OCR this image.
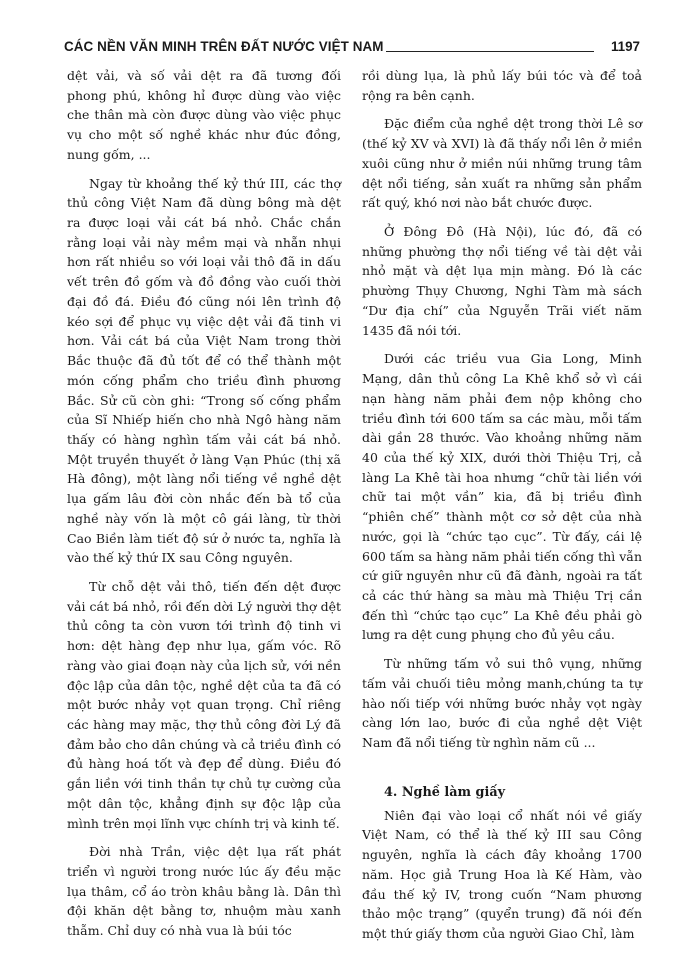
CÁC NỀN VĂN MINH TRÊN ĐẤT NƯỚC VIỆT NAM	1197

dệt vải, và số vải dệt ra đã tương đối phong phú, không hỉ được dùng vào việc che thân mà còn được dùng vào việc phục vụ cho một số nghề khác như đúc đồng, nung gốm, ...

Ngay từ khoảng thế kỷ thứ III, các thợ thủ công Việt Nam đã dùng bông mà dệt ra được loại vải cát bá nhỏ. Chắc chắn rằng loại vải này mềm mại và nhẵn nhụi hơn rất nhiều so với loại vải thô đã in dấu vết trên đồ gốm và đồ đồng vào cuối thời đại đồ đá. Điều đó cũng nói lên trình độ kéo sợi để phục vụ việc dệt vải đã tinh vi hơn. Vải cát bá của Việt Nam trong thời Bắc thuộc đã đủ tốt để có thể thành một món cống phẩm cho triều đình phương Bắc. Sử cũ còn ghi: “Trong số cống phẩm của Sĩ Nhiếp hiến cho nhà Ngô hàng năm thấy có hàng nghìn tấm vải cát bá nhỏ. Một truyền thuyết ở làng Vạn Phúc (thị xã Hà đông), một làng nổi tiếng về nghề dệt lụa gấm lâu đời còn nhắc đến bà tổ của nghề này vốn là một cô gái làng, từ thời Cao Biền làm tiết độ sứ ở nước ta, nghĩa là vào thế kỷ thứ IX sau Công nguyên.

Từ chỗ dệt vải thô, tiến đến dệt được vải cát bá nhỏ, rồi đến dời Lý người thợ dệt thủ công ta còn vươn tới trình độ tinh vi hơn: dệt hàng đẹp như lụa, gấm vóc. Rõ ràng vào giai đoạn này của lịch sử, với nền độc lập của dân tộc, nghề dệt của ta đã có một bước nhảy vọt quan trọng. Chỉ riêng các hàng may mặc, thợ thủ công đời Lý đã đảm bảo cho dân chúng và cả triều đình có đủ hàng hoá tốt và đẹp để dùng. Điều đó gắn liền với tinh thần tự chủ tự cường của một dân tộc, khẳng định sự độc lập của mình trên mọi lĩnh vực chính trị và kinh tế.

Đời nhà Trần, việc dệt lụa rất phát triển vì người trong nước lúc ấy đều mặc lụa thâm, cổ áo tròn khâu bằng là. Dân thì đội khăn dệt bằng tơ, nhuộm màu xanh thẫm. Chỉ duy có nhà vua là búi tóc

rồi dùng lụa, là phủ lấy búi tóc và để toả rộng ra bên cạnh.

Đặc điểm của nghề dệt trong thời Lê sơ (thế kỷ XV và XVI) là đã thấy nổi lên ở miền xuôi cũng như ở miền núi những trung tâm dệt nổi tiếng, sản xuất ra những sản phẩm rất quý, khó nơi nào bắt chước được.

Ở Đông Đô (Hà Nội), lúc đó, đã có những phường thợ nổi tiếng về tài dệt vải nhỏ mặt và dệt lụa mịn màng. Đó là các phường Thụy Chương, Nghi Tàm mà sách “Dư địa chí” của Nguyễn Trãi viết năm 1435 đã nói tới.

Dưới các triều vua Gia Long, Minh Mạng, dân thủ công La Khê khổ sở vì cái nạn hàng năm phải đem nộp không cho triều đình tới 600 tấm sa các màu, mỗi tấm dài gần 28 thước. Vào khoảng những năm 40 của thế kỷ XIX, dưới thời Thiệu Trị, cả làng La Khê tài hoa nhưng “chữ tài liền với chữ tai một vần” kia, đã bị triều đình “phiên chế” thành một cơ sở dệt của nhà nước, gọi là “chức tạo cục”. Từ đấy, cái lệ 600 tấm sa hàng năm phải tiến cống thì vẫn cứ giữ nguyên như cũ đã đành, ngoài ra tất cả các thứ hàng sa màu mà Thiệu Trị cần đến thì “chức tạo cục” La Khê đều phải gò lưng ra dệt cung phụng cho đủ yêu cầu.

Từ những tấm vỏ sui thô vụng, những tấm vải chuối tiêu mỏng manh,chúng ta tự hào nối tiếp với những bước nhảy vọt ngày càng lớn lao, bước đi của nghề dệt Việt Nam đã nổi tiếng từ nghìn năm cũ ...

4. Nghề làm giấy

Niên đại vào loại cổ nhất nói về giấy Việt Nam, có thể là thế kỷ III sau Công nguyên, nghĩa là cách đây khoảng 1700 năm. Học giả Trung Hoa là Kế Hàm, vào đầu thế kỷ IV, trong cuốn “Nam phương thảo mộc trạng” (quyển trung) đã nói đến một thứ giấy thơm của người Giao Chỉ, làm
